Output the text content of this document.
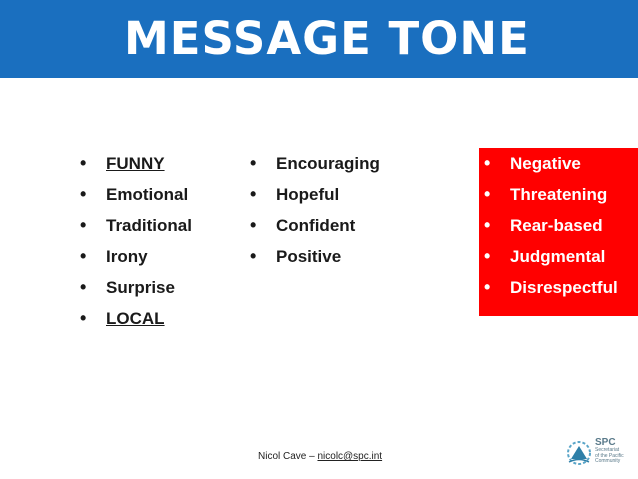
MESSAGE TONE
• FUNNY
• Emotional
• Traditional
• Irony
• Surprise
• LOCAL
• Encouraging
• Hopeful
• Confident
• Positive
• Negative
• Threatening
• Rear-based
• Judgmental
• Disrespectful
Nicol Cave – nicolc@spc.int
SPC
Secretariat
of the Pacific
Community
